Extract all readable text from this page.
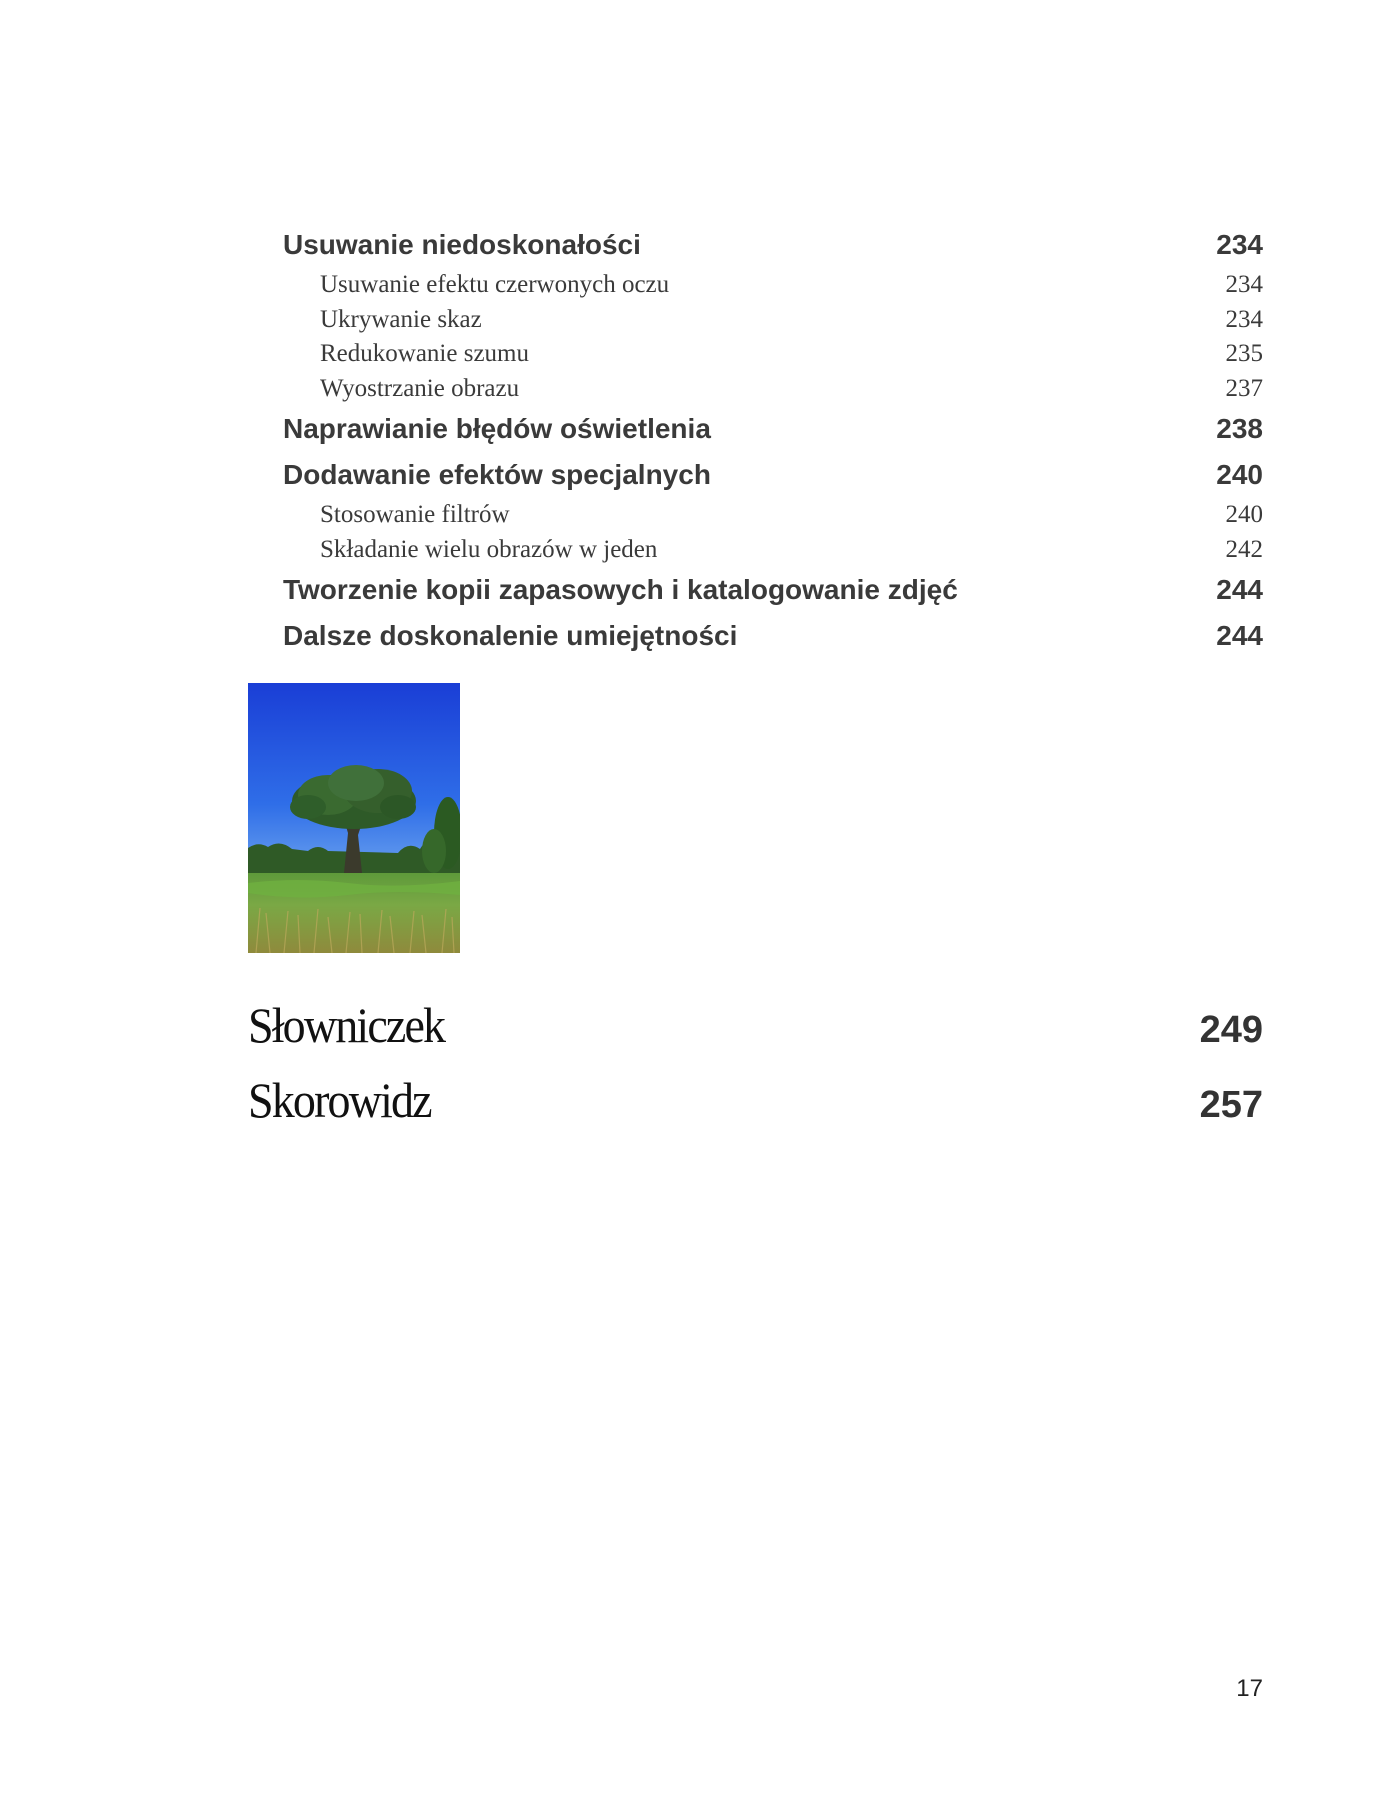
Usuwanie niedoskonałości	234
Usuwanie efektu czerwonych oczu	234
Ukrywanie skaz	234
Redukowanie szumu	235
Wyostrzanie obrazu	237
Naprawianie błędów oświetlenia	238
Dodawanie efektów specjalnych	240
Stosowanie filtrów	240
Składanie wielu obrazów w jeden	242
Tworzenie kopii zapasowych i katalogowanie zdjęć	244
Dalsze doskonalenie umiejętności	244
Słowniczek	249
Skorowidz	257
17
